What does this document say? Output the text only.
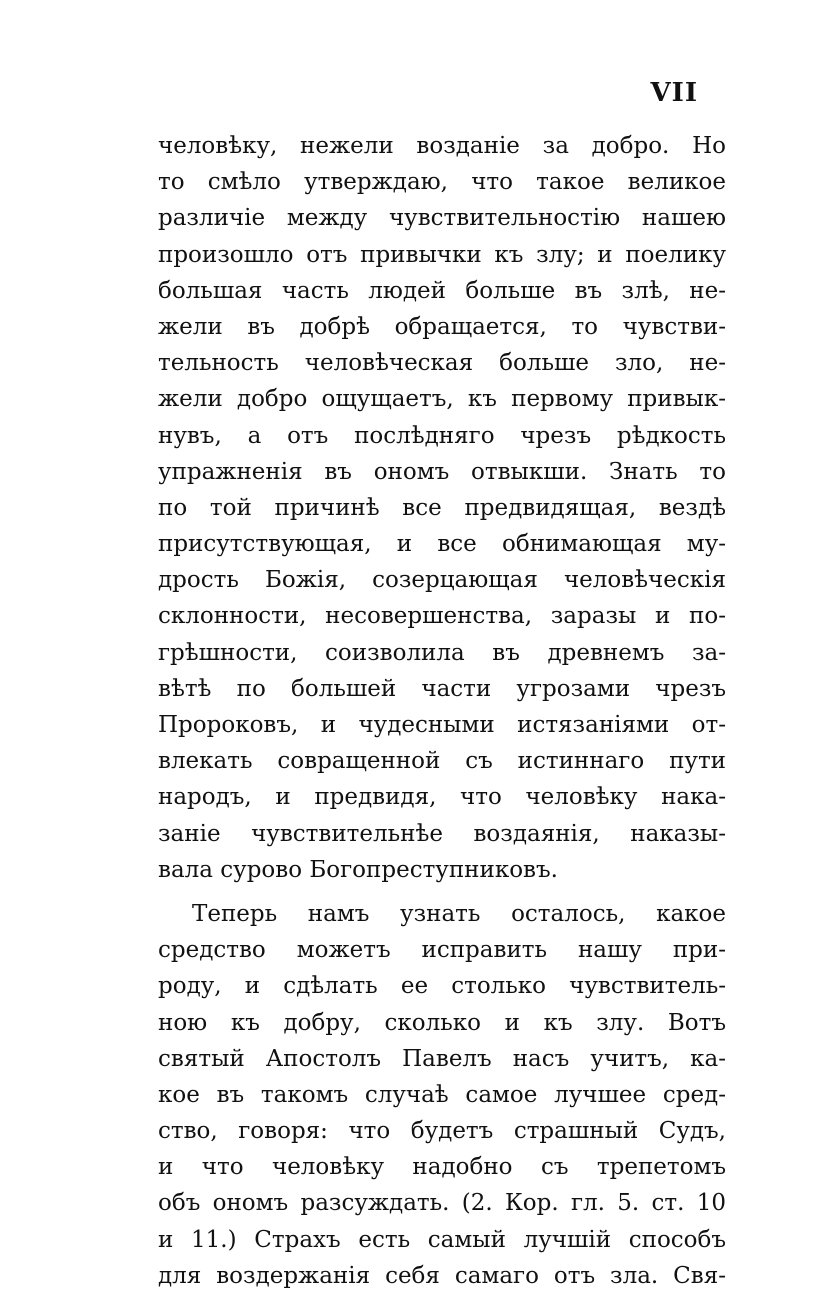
VII
человѣку, нежели возданіе за добро. Но
то смѣло утверждаю, что такое великое
различіе между чувствительностію нашею
произошло отъ привычки къ злу; и поелику
большая часть людей больше въ злѣ, не-
жели въ добрѣ обращается, то чувстви-
тельность человѣческая больше зло, не-
жели добро ощущаетъ, къ первому привык-
нувъ, а отъ послѣдняго чрезъ рѣдкость
упражненія въ ономъ отвыкши. Знать то
по той причинѣ все предвидящая, вездѣ
присутствующая, и все обнимающая му-
дрость Божія, созерцающая человѣческія
склонности, несовершенства, заразы и по-
грѣшности, соизволила въ древнемъ за-
вѣтѣ по большей части угрозами чрезъ
Пророковъ, и чудесными истязаніями от-
влекать совращенной съ истиннаго пути
народъ, и предвидя, что человѣку нака-
заніе чувствительнѣе воздаянія, наказы-
вала сурово Богопреступниковъ.
Теперь намъ узнать осталось, какое
средство можетъ исправить нашу при-
роду, и сдѣлать ее столько чувствитель-
ною къ добру, сколько и къ злу. Вотъ
святый Апостолъ Павелъ насъ учитъ, ка-
кое въ такомъ случаѣ самое лучшее сред-
ство, говоря: что будетъ страшный Судъ,
и что человѣку надобно съ трепетомъ
объ ономъ разсуждать. (2. Кор. гл. 5. ст. 10
и 11.) Страхъ есть самый лучшій способъ
для воздержанія себя самаго отъ зла. Свя-
